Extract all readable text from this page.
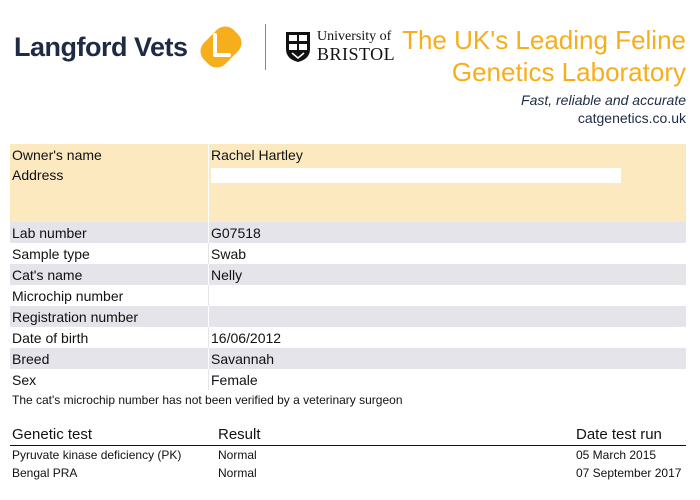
Langford Vets	University of
BRISTOL The UK's Leading Feline
Genetics Laboratory
Fast, reliable and accurate
catgenetics.co.uk
Owner's name	Rachel Hartley
Address	

Lab number	G07518
Sample type	Swab
Cat's name	Nelly
Microchip number	
Registration number	
Date of birth	16/06/2012
Breed	Savannah
Sex	Female
The cat's microchip number has not been verified by a veterinary surgeon
Genetic test	Result	Date test run
Pyruvate kinase deficiency (PK)	Normal	05 March 2015
Bengal PRA	Normal	07 September 2017
